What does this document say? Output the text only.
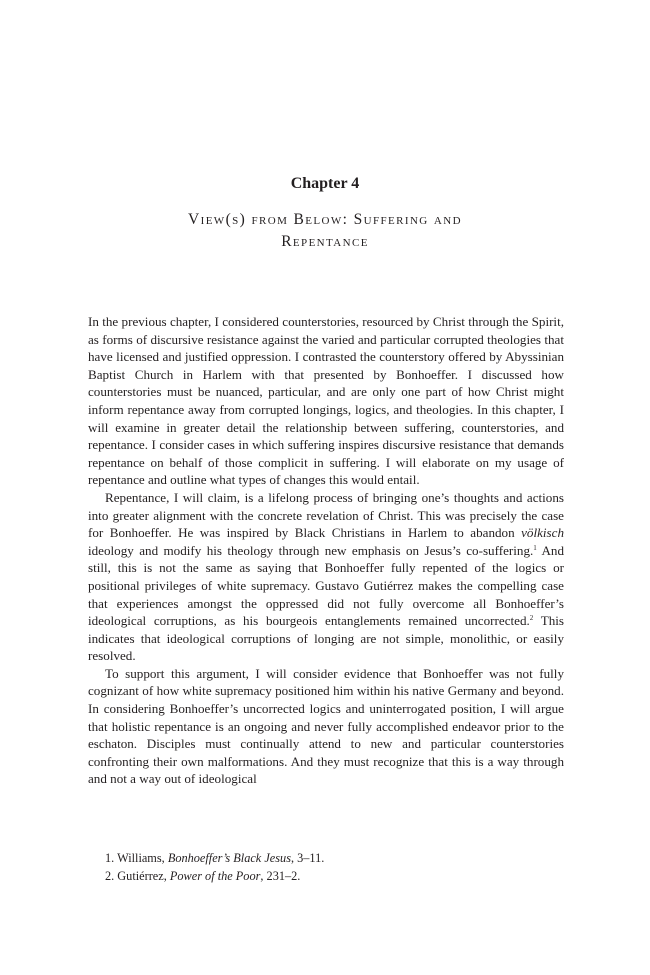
Chapter 4
View(s) from Below: Suffering and
Repentance

In the previous chapter, I considered counterstories, resourced by Christ through the Spirit, as forms of discursive resistance against the varied and particular corrupted theologies that have licensed and justified oppression. I contrasted the counterstory offered by Abyssinian Baptist Church in Harlem with that presented by Bonhoeffer. I discussed how counterstories must be nuanced, particular, and are only one part of how Christ might inform repentance away from corrupted longings, logics, and theologies. In this chapter, I will examine in greater detail the relationship between suffering, counterstories, and repentance. I consider cases in which suffering inspires discursive resistance that demands repentance on behalf of those complicit in suffering. I will elaborate on my usage of repentance and outline what types of changes this would entail.

Repentance, I will claim, is a lifelong process of bringing one’s thoughts and actions into greater alignment with the concrete revelation of Christ. This was precisely the case for Bonhoeffer. He was inspired by Black Christians in Harlem to abandon völkisch ideology and modify his theology through new emphasis on Jesus’s co-suffering.$^1$ And still, this is not the same as saying that Bonhoeffer fully repented of the logics or positional privileges of white supremacy. Gustavo Gutiérrez makes the compelling case that experiences amongst the oppressed did not fully overcome all Bonhoeffer’s ideological corruptions, as his bourgeois entanglements remained uncorrected.$^2$ This indicates that ideological corruptions of longing are not simple, monolithic, or easily resolved.

To support this argument, I will consider evidence that Bonhoeffer was not fully cognizant of how white supremacy positioned him within his native Germany and beyond. In considering Bonhoeffer’s uncorrected logics and uninterrogated position, I will argue that holistic repentance is an ongoing and never fully accomplished endeavor prior to the eschaton. Disciples must continually attend to new and particular counterstories confronting their own malformations. And they must recognize that this is a way through and not a way out of ideological

1. Williams, Bonhoeffer’s Black Jesus, 3–11.
2. Gutiérrez, Power of the Poor, 231–2.
